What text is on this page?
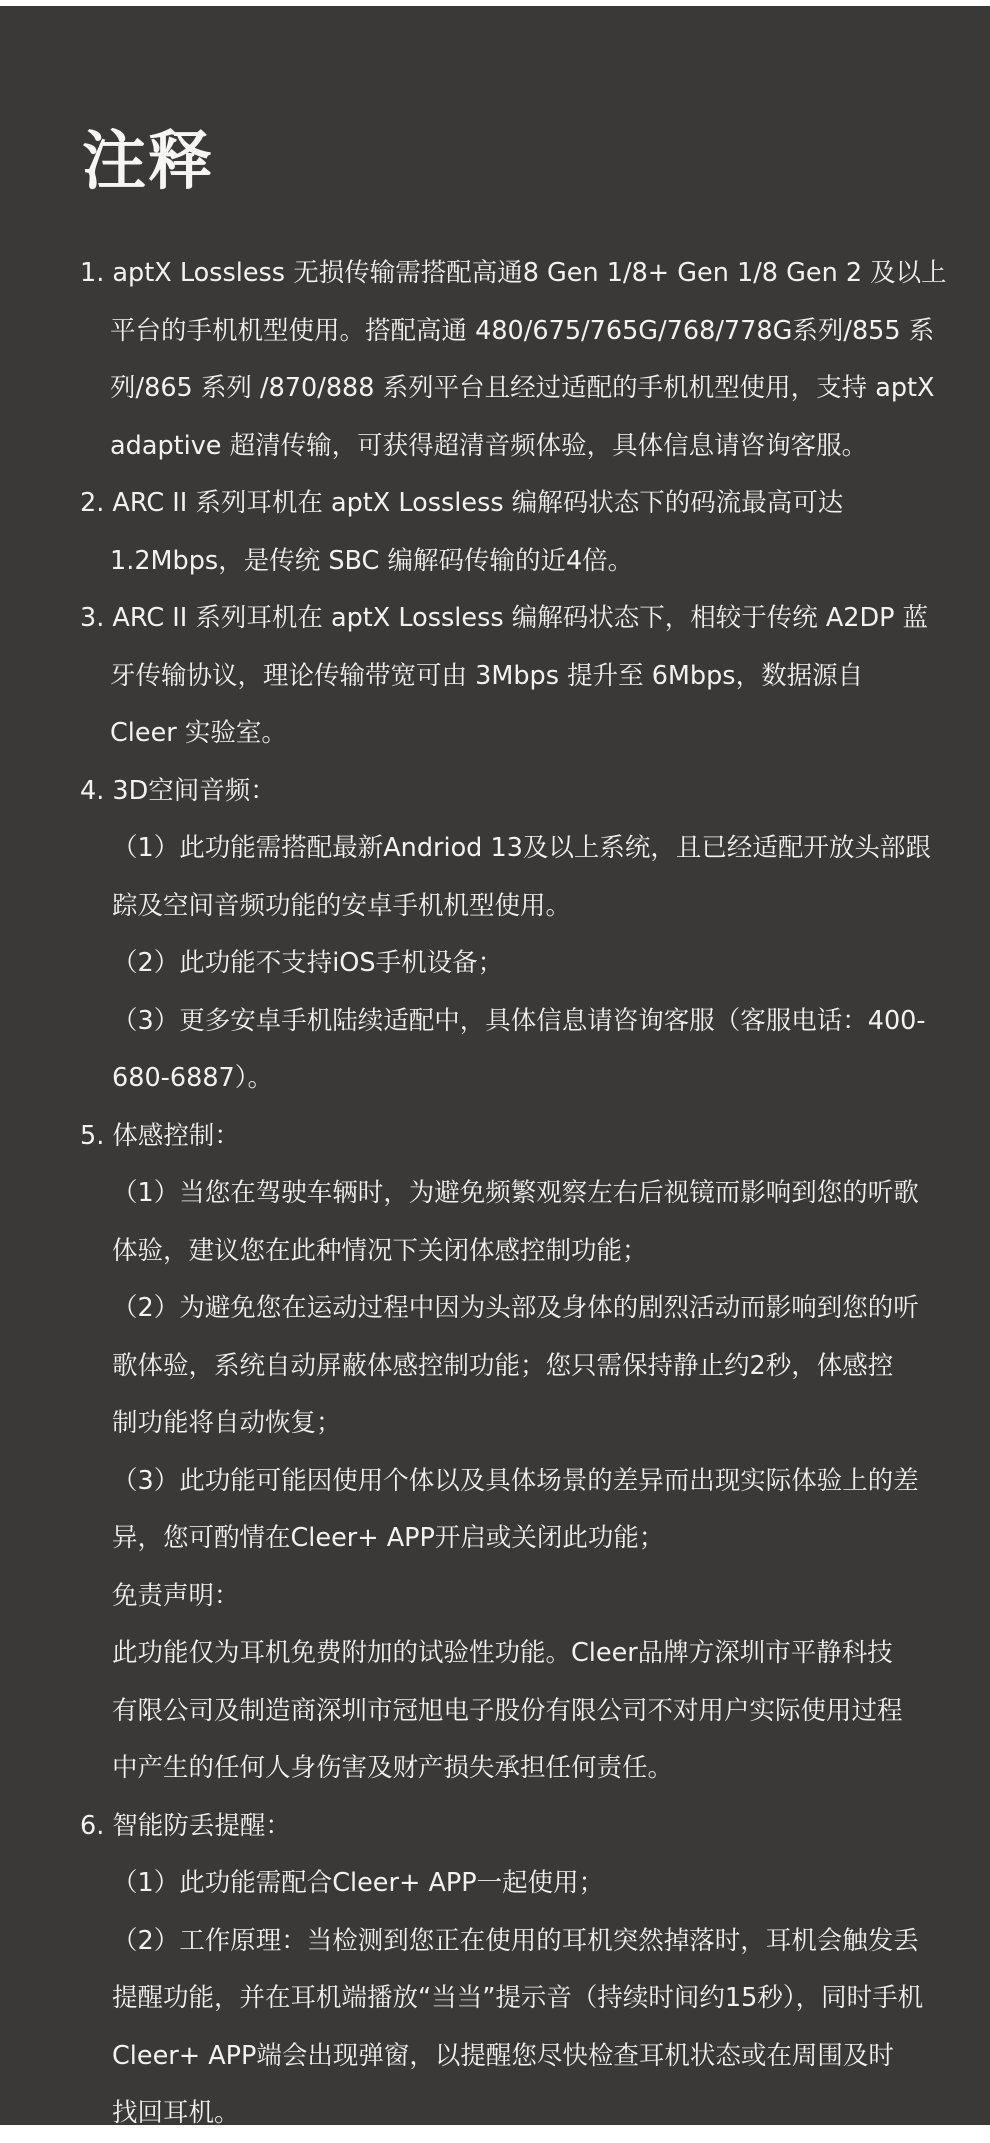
注释
1. aptX Lossless 无损传输需搭配高通8 Gen 1/8+ Gen 1/8 Gen 2 及以上
平台的手机机型使用。搭配高通 480/675/765G/768/778G系列/855 系
列/865 系列 /870/888 系列平台且经过适配的手机机型使用，支持 aptX
adaptive 超清传输，可获得超清音频体验，具体信息请咨询客服。
2. ARC II 系列耳机在 aptX Lossless 编解码状态下的码流最高可达
1.2Mbps，是传统 SBC 编解码传输的近4倍。
3. ARC II 系列耳机在 aptX Lossless 编解码状态下，相较于传统 A2DP 蓝
牙传输协议，理论传输带宽可由 3Mbps 提升至 6Mbps，数据源自
Cleer 实验室。
4. 3D空间音频：
（1）此功能需搭配最新Andriod 13及以上系统，且已经适配开放头部跟
踪及空间音频功能的安卓手机机型使用。
（2）此功能不支持iOS手机设备；
（3）更多安卓手机陆续适配中，具体信息请咨询客服（客服电话：400-
680-6887）。
5. 体感控制：
（1）当您在驾驶车辆时，为避免频繁观察左右后视镜而影响到您的听歌
体验，建议您在此种情况下关闭体感控制功能；
（2）为避免您在运动过程中因为头部及身体的剧烈活动而影响到您的听
歌体验，系统自动屏蔽体感控制功能；您只需保持静止约2秒，体感控
制功能将自动恢复；
（3）此功能可能因使用个体以及具体场景的差异而出现实际体验上的差
异，您可酌情在Cleer+ APP开启或关闭此功能；
免责声明：
此功能仅为耳机免费附加的试验性功能。Cleer品牌方深圳市平静科技
有限公司及制造商深圳市冠旭电子股份有限公司不对用户实际使用过程
中产生的任何人身伤害及财产损失承担任何责任。
6. 智能防丢提醒：
（1）此功能需配合Cleer+ APP一起使用；
（2）工作原理：当检测到您正在使用的耳机突然掉落时，耳机会触发丢
提醒功能，并在耳机端播放“当当”提示音（持续时间约15秒），同时手机
Cleer+ APP端会出现弹窗，以提醒您尽快检查耳机状态或在周围及时
找回耳机。
